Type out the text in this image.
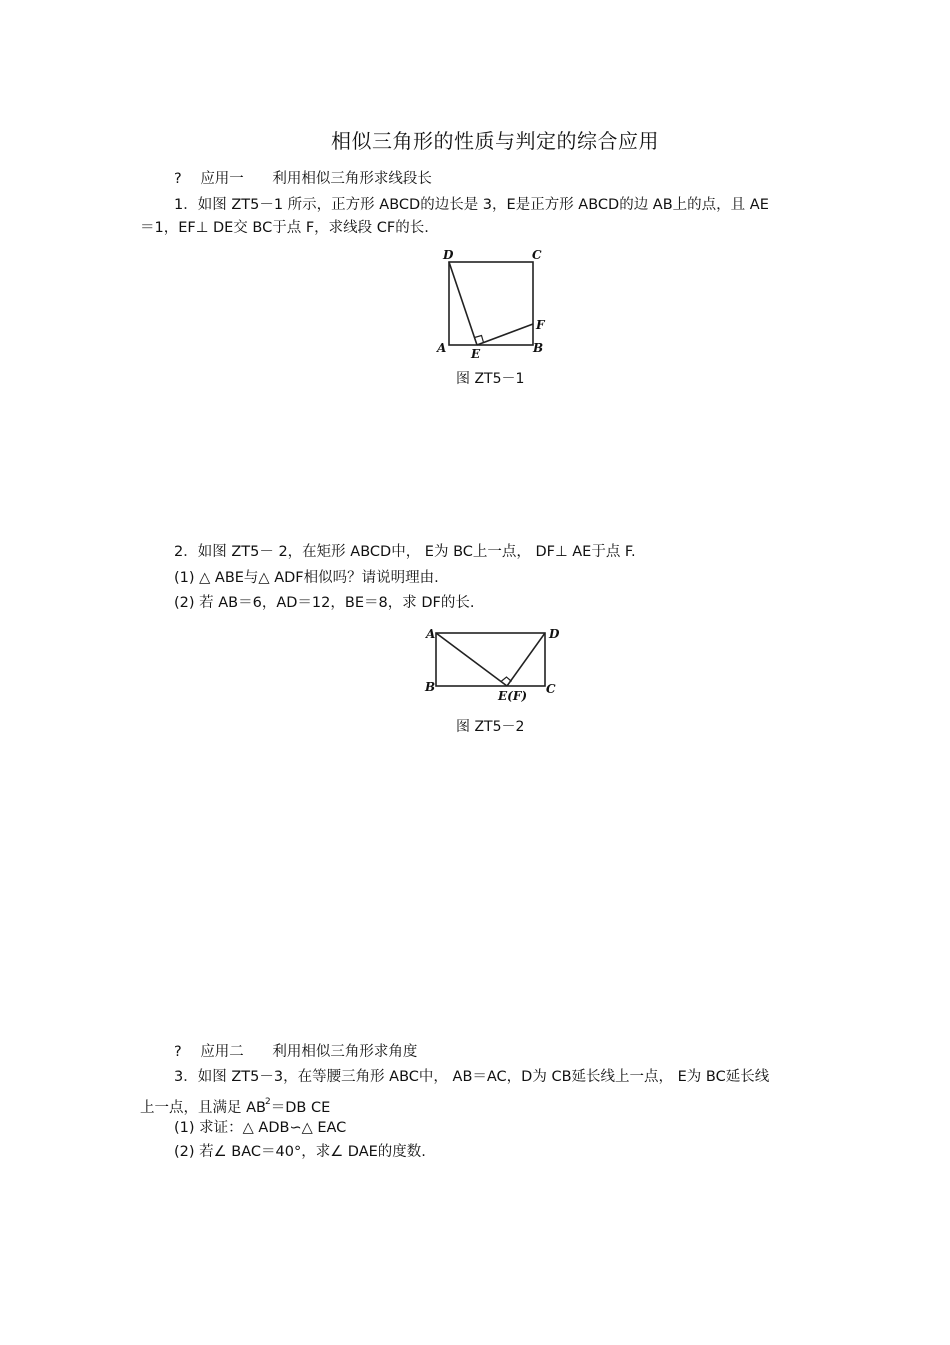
相似三角形的性质与判定的综合应用
? 应用一 利用相似三角形求线段长
1．如图 ZT5－1 所示，正方形 ABCD的边长是 3，E是正方形 ABCD的边 AB上的点，且 AE
＝1，EF⊥ DE交 BC于点 F，求线段 CF的长.
D	C
A E	B
F
图 ZT5－1
2．如图 ZT5－ 2，在矩形 ABCD中， E为 BC上一点， DF⊥ AE于点 F.
(1) △ ABE与△ ADF相似吗？请说明理由.
(2) 若 AB＝6，AD＝12，BE＝8，求 DF的长.
A	D
B
E(F) C
图 ZT5－2
? 应用二 利用相似三角形求角度
3．如图 ZT5－3，在等腰三角形 ABC中， AB＝AC，D为 CB延长线上一点， E为 BC延长线
上一点，且满足 $AB^2=DB$ CE
(1) 求证：△ ADB∽△ EAC
(2) 若∠ BAC＝40°，求∠ DAE的度数.
